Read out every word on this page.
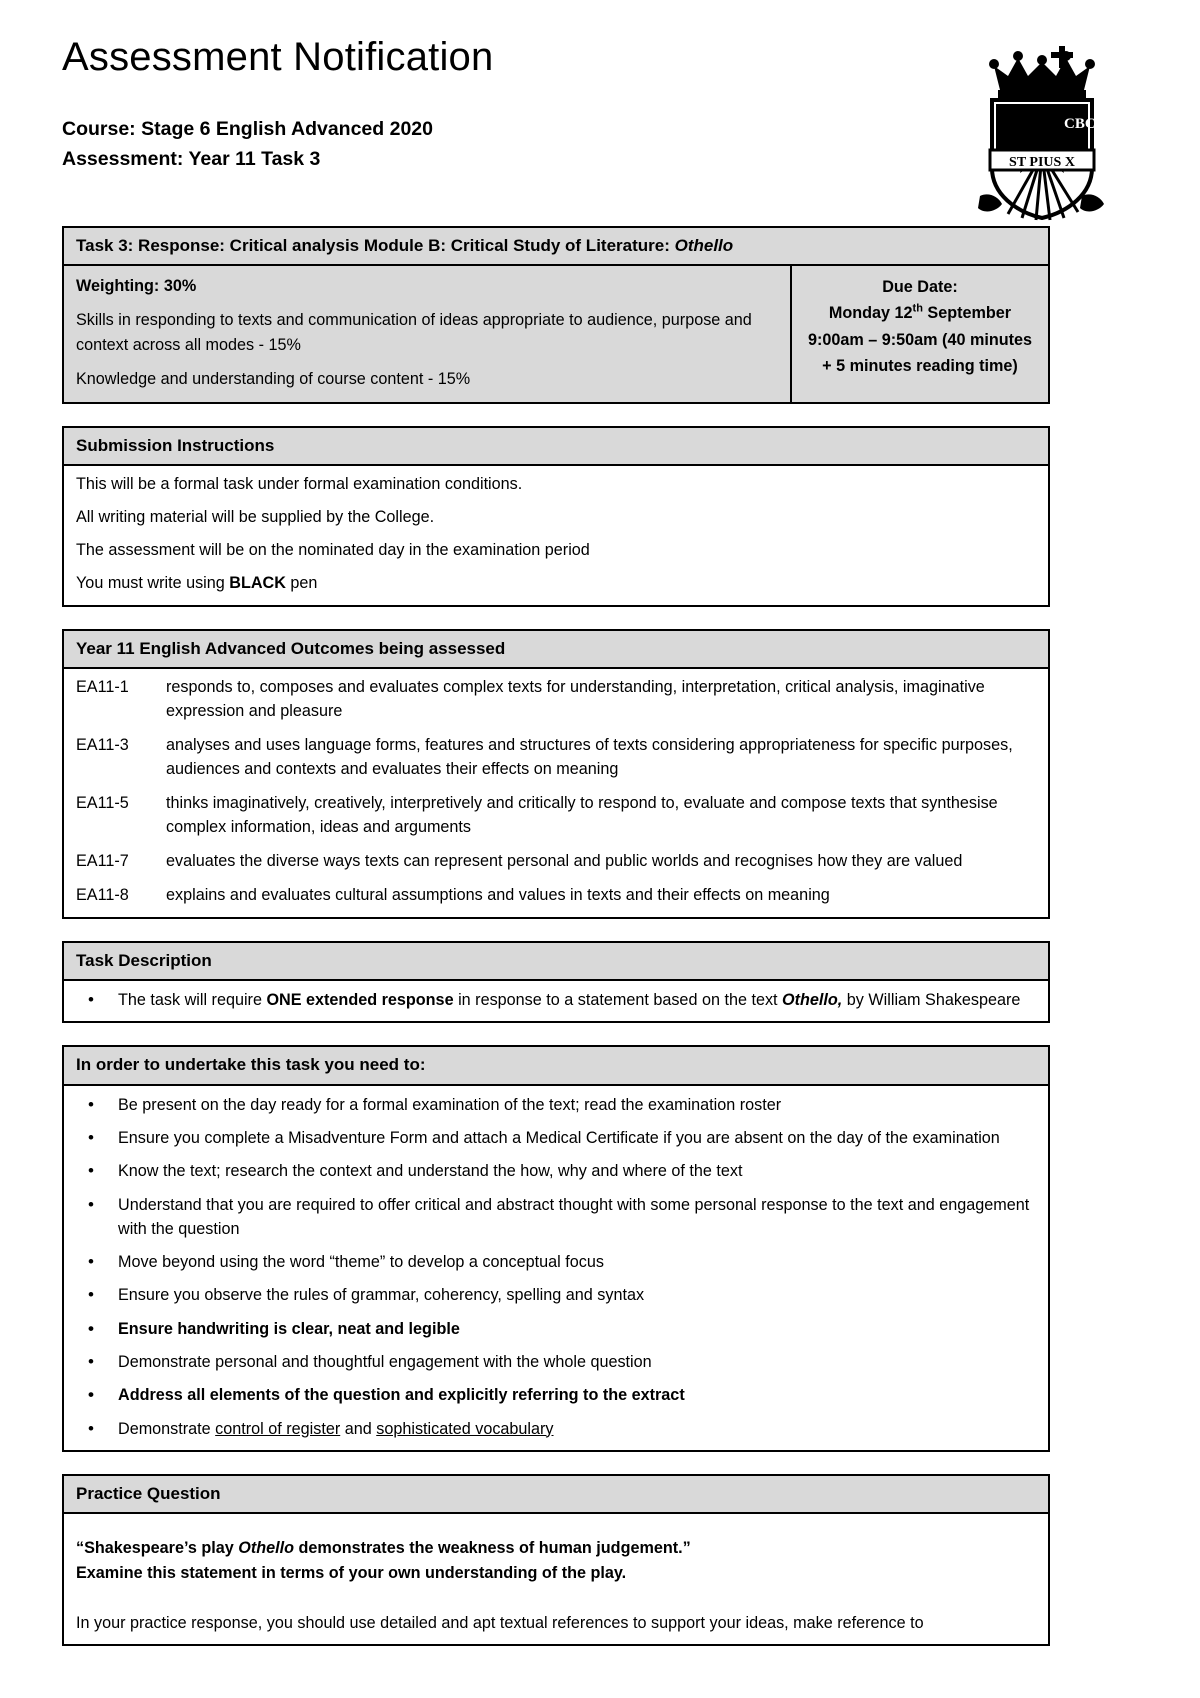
Assessment Notification
Course: Stage 6 English Advanced 2020
Assessment: Year 11 Task 3
CBC
ST PIUS X
Task 3: Response: Critical analysis Module B: Critical Study of Literature: Othello
Weighting: 30%
Skills in responding to texts and communication of ideas appropriate to audience, purpose and context across all modes - 15%
Knowledge and understanding of course content - 15%
Due Date:
Monday 12th September
9:00am – 9:50am (40 minutes
+ 5 minutes reading time)
Submission Instructions

This will be a formal task under formal examination conditions.

All writing material will be supplied by the College.

The assessment will be on the nominated day in the examination period

You must write using BLACK pen

Year 11 English Advanced Outcomes being assessed
EA11-1	responds to, composes and evaluates complex texts for understanding, interpretation, critical analysis, imaginative expression and pleasure
EA11-3	analyses and uses language forms, features and structures of texts considering appropriateness for specific purposes, audiences and contexts and evaluates their effects on meaning
EA11-5	thinks imaginatively, creatively, interpretively and critically to respond to, evaluate and compose texts that synthesise complex information, ideas and arguments
EA11-7	evaluates the diverse ways texts can represent personal and public worlds and recognises how they are valued
EA11-8	explains and evaluates cultural assumptions and values in texts and their effects on meaning
Task Description
• The task will require ONE extended response in response to a statement based on the text Othello, by William Shakespeare
In order to undertake this task you need to:
• Be present on the day ready for a formal examination of the text; read the examination roster
• Ensure you complete a Misadventure Form and attach a Medical Certificate if you are absent on the day of the examination
• Know the text; research the context and understand the how, why and where of the text
• Understand that you are required to offer critical and abstract thought with some personal response to the text and engagement with the question
• Move beyond using the word “theme” to develop a conceptual focus
• Ensure you observe the rules of grammar, coherency, spelling and syntax
• Ensure handwriting is clear, neat and legible
• Demonstrate personal and thoughtful engagement with the whole question
• Address all elements of the question and explicitly referring to the extract
• Demonstrate control of register and sophisticated vocabulary
Practice Question

“Shakespeare’s play Othello demonstrates the weakness of human judgement.”

Examine this statement in terms of your own understanding of the play.

In your practice response, you should use detailed and apt textual references to support your ideas, make reference to
